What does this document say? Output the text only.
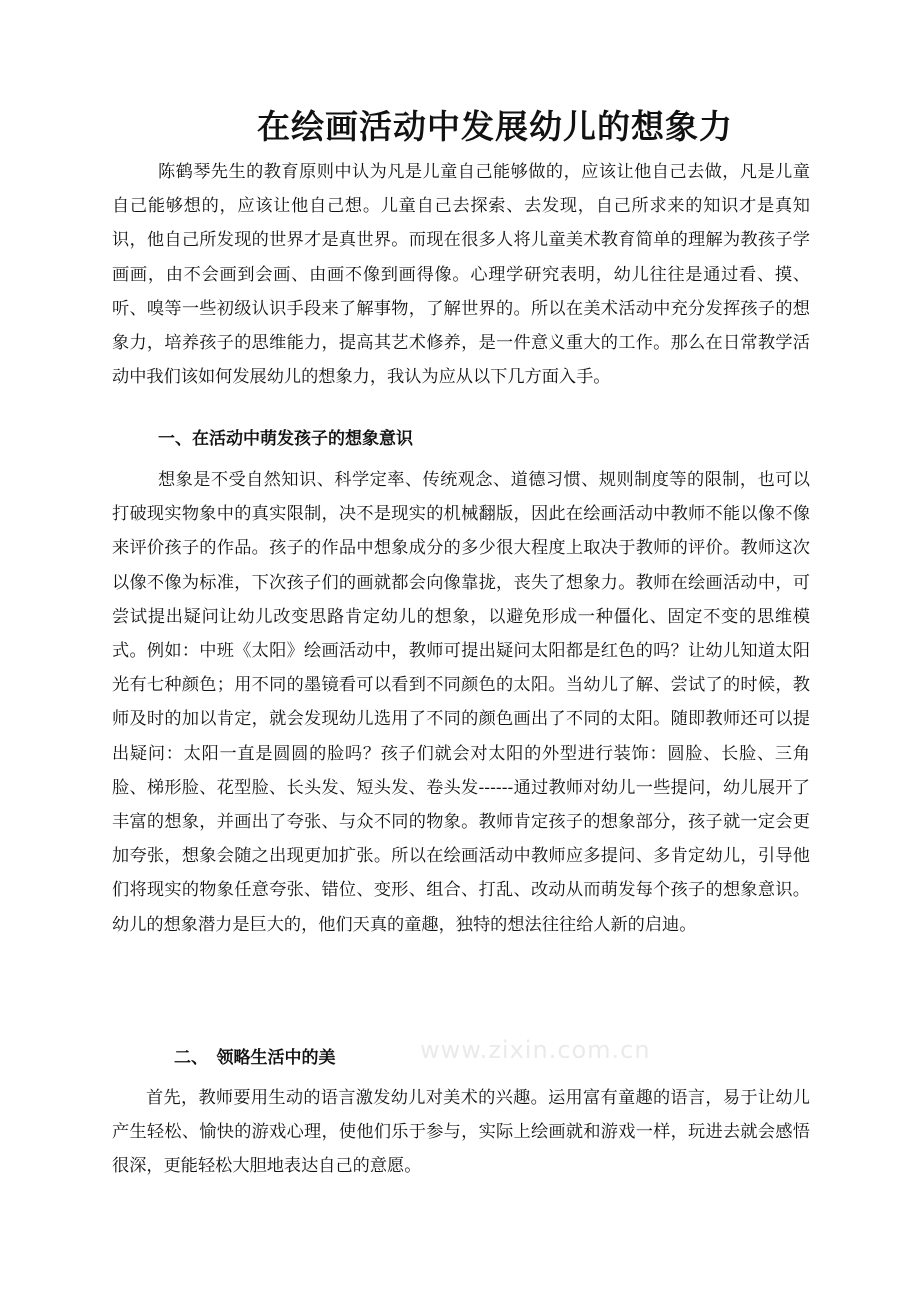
在绘画活动中发展幼儿的想象力

陈鹤琴先生的教育原则中认为凡是儿童自己能够做的，应该让他自己去做，凡是儿童自己能够想的，应该让他自己想。儿童自己去探索、去发现，自己所求来的知识才是真知识，他自己所发现的世界才是真世界。而现在很多人将儿童美术教育简单的理解为教孩子学画画，由不会画到会画、由画不像到画得像。心理学研究表明，幼儿往往是通过看、摸、听、嗅等一些初级认识手段来了解事物，了解世界的。所以在美术活动中充分发挥孩子的想象力，培养孩子的思维能力，提高其艺术修养，是一件意义重大的工作。那么在日常教学活动中我们该如何发展幼儿的想象力，我认为应从以下几方面入手。

一、在活动中萌发孩子的想象意识

想象是不受自然知识、科学定率、传统观念、道德习惯、规则制度等的限制，也可以打破现实物象中的真实限制，决不是现实的机械翻版，因此在绘画活动中教师不能以像不像来评价孩子的作品。孩子的作品中想象成分的多少很大程度上取决于教师的评价。教师这次以像不像为标准，下次孩子们的画就都会向像靠拢，丧失了想象力。教师在绘画活动中，可尝试提出疑问让幼儿改变思路肯定幼儿的想象，以避免形成一种僵化、固定不变的思维模式。例如：中班《太阳》绘画活动中，教师可提出疑问太阳都是红色的吗？让幼儿知道太阳光有七种颜色；用不同的墨镜看可以看到不同颜色的太阳。当幼儿了解、尝试了的时候，教师及时的加以肯定，就会发现幼儿选用了不同的颜色画出了不同的太阳。随即教师还可以提出疑问：太阳一直是圆圆的脸吗？孩子们就会对太阳的外型进行装饰：圆脸、长脸、三角脸、梯形脸、花型脸、长头发、短头发、卷头发------通过教师对幼儿一些提问，幼儿展开了丰富的想象，并画出了夸张、与众不同的物象。教师肯定孩子的想象部分，孩子就一定会更加夸张，想象会随之出现更加扩张。所以在绘画活动中教师应多提问、多肯定幼儿，引导他们将现实的物象任意夸张、错位、变形、组合、打乱、改动从而萌发每个孩子的想象意识。幼儿的想象潜力是巨大的，他们天真的童趣，独特的想法往往给人新的启迪。

www.zixin.com.cn
二、　领略生活中的美

首先，教师要用生动的语言激发幼儿对美术的兴趣。运用富有童趣的语言，易于让幼儿产生轻松、愉快的游戏心理，使他们乐于参与，实际上绘画就和游戏一样，玩进去就会感悟很深，更能轻松大胆地表达自己的意愿。
